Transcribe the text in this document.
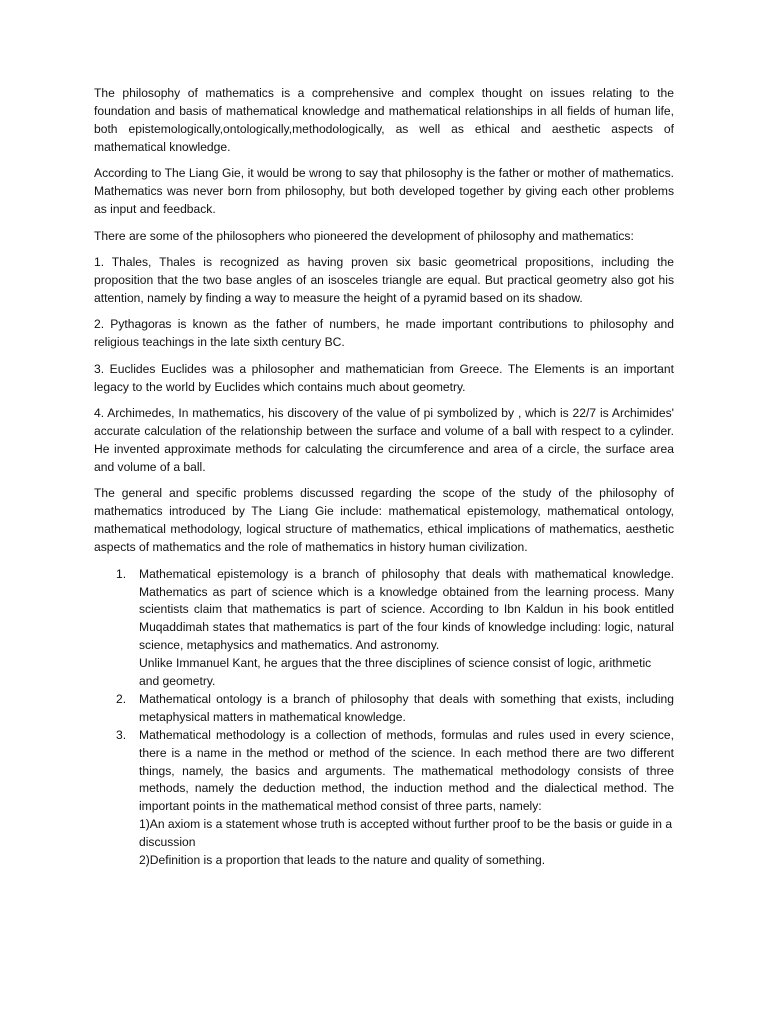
The philosophy of mathematics is a comprehensive and complex thought on issues relating to the foundation and basis of mathematical knowledge and mathematical relationships in all fields of human life, both epistemologically,ontologically,methodologically, as well as ethical and aesthetic aspects of mathematical knowledge.

According to The Liang Gie, it would be wrong to say that philosophy is the father or mother of mathematics. Mathematics was never born from philosophy, but both developed together by giving each other problems as input and feedback.

There are some of the philosophers who pioneered the development of philosophy and mathematics:

1. Thales, Thales is recognized as having proven six basic geometrical propositions, including the proposition that the two base angles of an isosceles triangle are equal. But practical geometry also got his attention, namely by finding a way to measure the height of a pyramid based on its shadow.

2. Pythagoras is known as the father of numbers, he made important contributions to philosophy and religious teachings in the late sixth century BC.

3. Euclides Euclides was a philosopher and mathematician from Greece. The Elements is an important legacy to the world by Euclides which contains much about geometry.

4. Archimedes, In mathematics, his discovery of the value of pi symbolized by , which is 22/7 is Archimides' accurate calculation of the relationship between the surface and volume of a ball with respect to a cylinder. He invented approximate methods for calculating the circumference and area of a circle, the surface area and volume of a ball.

The general and specific problems discussed regarding the scope of the study of the philosophy of mathematics introduced by The Liang Gie include: mathematical epistemology, mathematical ontology, mathematical methodology, logical structure of mathematics, ethical implications of mathematics, aesthetic aspects of mathematics and the role of mathematics in history human civilization.

1. Mathematical epistemology is a branch of philosophy that deals with mathematical knowledge. Mathematics as part of science which is a knowledge obtained from the learning process. Many scientists claim that mathematics is part of science. According to Ibn Kaldun in his book entitled Muqaddimah states that mathematics is part of the four kinds of knowledge including: logic, natural science, metaphysics and mathematics. And astronomy.
Unlike Immanuel Kant, he argues that the three disciplines of science consist of logic, arithmetic and geometry.
2. Mathematical ontology is a branch of philosophy that deals with something that exists, including metaphysical matters in mathematical knowledge.
3. Mathematical methodology is a collection of methods, formulas and rules used in every science, there is a name in the method or method of the science. In each method there are two different things, namely, the basics and arguments. The mathematical methodology consists of three methods, namely the deduction method, the induction method and the dialectical method. The important points in the mathematical method consist of three parts, namely:
1)An axiom is a statement whose truth is accepted without further proof to be the basis or guide in a discussion
2)Definition is a proportion that leads to the nature and quality of something.
